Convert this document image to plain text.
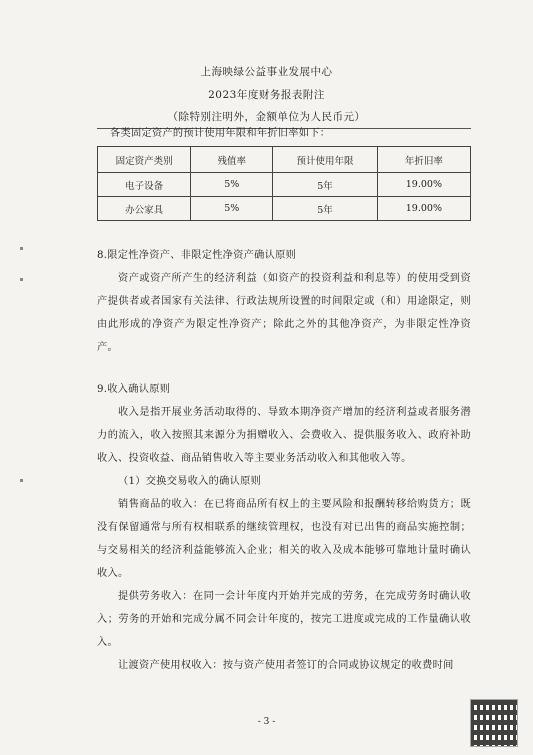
上海映绿公益事业发展中心
2023年度财务报表附注
（除特别注明外，金额单位为人民币元）
各类固定资产的预计使用年限和年折旧率如下：
固定资产类别	残值率	预计使用年限	年折旧率
电子设备	5%	5年	19.00%
办公家具	5%	5年	19.00%
8.限定性净资产、非限定性净资产确认原则
资产或资产所产生的经济利益（如资产的投资利益和利息等）的使用受到资产提供者或者国家有关法律、行政法规所设置的时间限定或（和）用途限定，则由此形成的净资产为限定性净资产；除此之外的其他净资产，为非限定性净资产。
9.收入确认原则
收入是指开展业务活动取得的、导致本期净资产增加的经济利益或者服务潜力的流入，收入按照其来源分为捐赠收入、会费收入、提供服务收入、政府补助收入、投资收益、商品销售收入等主要业务活动收入和其他收入等。
（1）交换交易收入的确认原则
销售商品的收入：在已将商品所有权上的主要风险和报酬转移给购货方；既没有保留通常与所有权相联系的继续管理权，也没有对已出售的商品实施控制；与交易相关的经济利益能够流入企业；相关的收入及成本能够可靠地计量时确认收入。
提供劳务收入：在同一会计年度内开始并完成的劳务，在完成劳务时确认收入；劳务的开始和完成分属不同会计年度的，按完工进度或完成的工作量确认收入。
让渡资产使用权收入：按与资产使用者签订的合同或协议规定的收费时间
- 3 -
